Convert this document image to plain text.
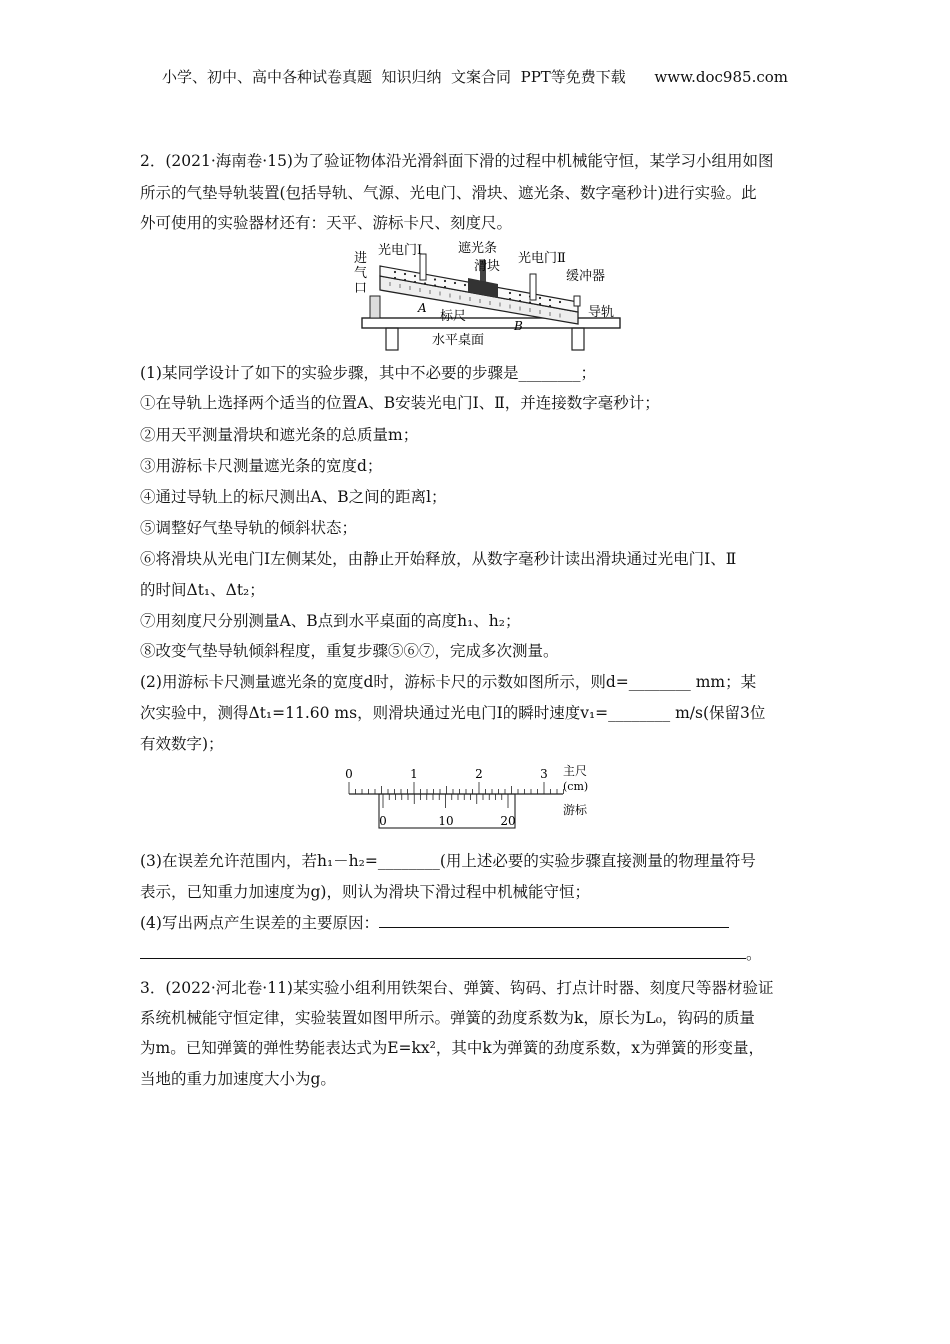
小学、初中、高中各种试卷真题  知识归纳  文案合同  PPT等免费下载      www.doc985.com
2．(2021·海南卷·15)为了验证物体沿光滑斜面下滑的过程中机械能守恒，某学习小组用如图
所示的气垫导轨装置(包括导轨、气源、光电门、滑块、遮光条、数字毫秒计)进行实验。此
外可使用的实验器材还有：天平、游标卡尺、刻度尺。
光电门Ⅰ	遮光条
滑块
光电门Ⅱ
缓冲器
进
气
口
A
标尺
B
导轨
水平桌面
(1)某同学设计了如下的实验步骤，其中不必要的步骤是________；
①在导轨上选择两个适当的位置A、B安装光电门Ⅰ、Ⅱ，并连接数字毫秒计；
②用天平测量滑块和遮光条的总质量m；
③用游标卡尺测量遮光条的宽度d；
④通过导轨上的标尺测出A、B之间的距离l；
⑤调整好气垫导轨的倾斜状态；
⑥将滑块从光电门Ⅰ左侧某处，由静止开始释放，从数字毫秒计读出滑块通过光电门Ⅰ、Ⅱ
的时间Δt₁、Δt₂；
⑦用刻度尺分别测量A、B点到水平桌面的高度h₁、h₂；
⑧改变气垫导轨倾斜程度，重复步骤⑤⑥⑦，完成多次测量。
(2)用游标卡尺测量遮光条的宽度d时，游标卡尺的示数如图所示，则d=________ mm；某
次实验中，测得Δt₁=11.60 ms，则滑块通过光电门Ⅰ的瞬时速度v₁=________ m/s(保留3位
有效数字)；
0	1	2	3 主尺
(cm)
0	10	20
游标
(3)在误差允许范围内，若h₁－h₂=________(用上述必要的实验步骤直接测量的物理量符号
表示，已知重力加速度为g)，则认为滑块下滑过程中机械能守恒；
(4)写出两点产生误差的主要原因：
。
3．(2022·河北卷·11)某实验小组利用铁架台、弹簧、钩码、打点计时器、刻度尺等器材验证
系统机械能守恒定律，实验装置如图甲所示。弹簧的劲度系数为k，原长为L₀，钩码的质量
为m。已知弹簧的弹性势能表达式为E=kx²，其中k为弹簧的劲度系数，x为弹簧的形变量，
当地的重力加速度大小为g。
